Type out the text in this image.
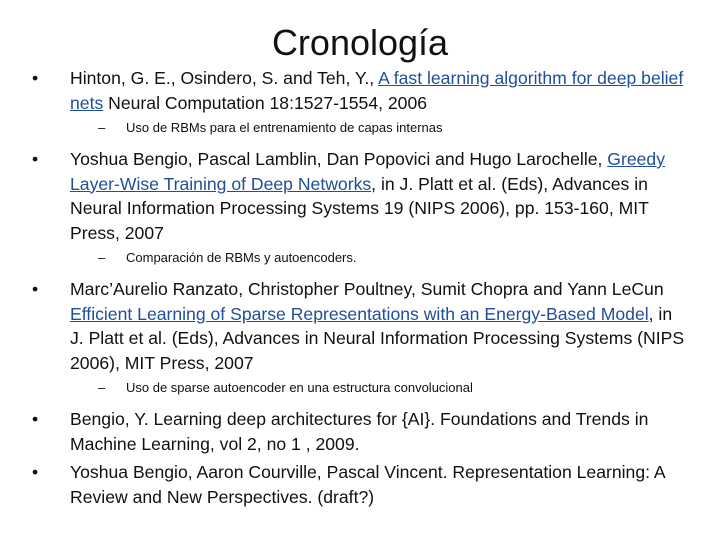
Cronología
•	Hinton, G. E., Osindero, S. and Teh, Y., A fast learning algorithm for deep belief nets Neural Computation 18:1527-1554, 2006
– Uso de RBMs para el entrenamiento de capas internas
•	Yoshua Bengio, Pascal Lamblin, Dan Popovici and Hugo Larochelle, Greedy Layer-Wise Training of Deep Networks, in J. Platt et al. (Eds), Advances in Neural Information Processing Systems 19 (NIPS 2006), pp. 153-160, MIT Press, 2007
– Comparación de RBMs y autoencoders.
•	Marc’Aurelio Ranzato, Christopher Poultney, Sumit Chopra and Yann LeCun Efficient Learning of Sparse Representations with an Energy-Based Model, in J. Platt et al. (Eds), Advances in Neural Information Processing Systems (NIPS 2006), MIT Press, 2007
– Uso de sparse autoencoder en una estructura convolucional
•	Bengio, Y. Learning deep architectures for {AI}. Foundations and Trends in Machine Learning, vol 2, no 1 , 2009.
•	Yoshua Bengio, Aaron Courville, Pascal Vincent. Representation Learning: A Review and New Perspectives. (draft?)
